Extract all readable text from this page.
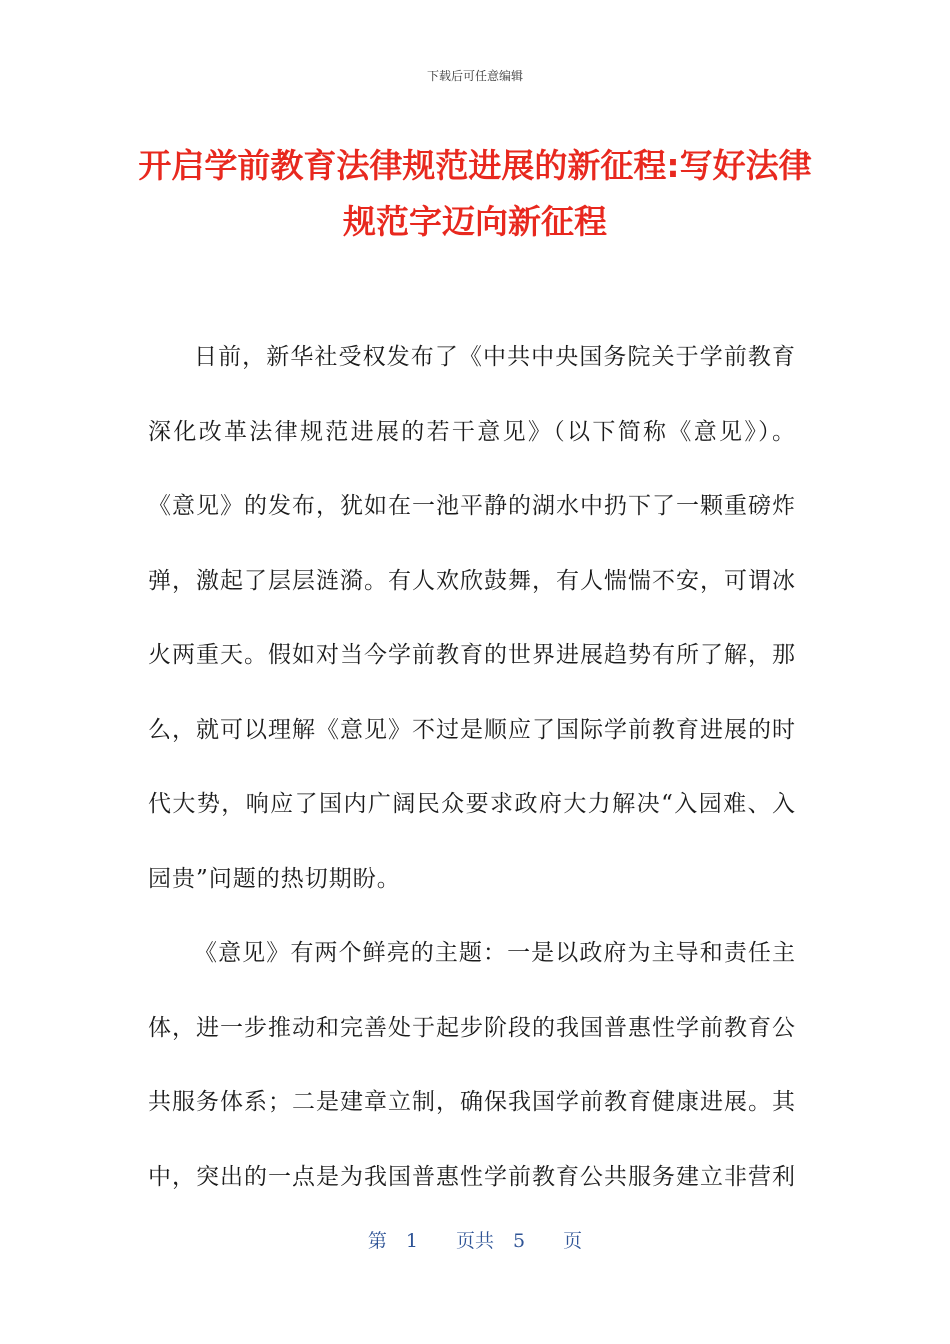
下载后可任意编辑
开启学前教育法律规范进展的新征程:写好法律规范字迈向新征程

日前，新华社受权发布了《中共中央国务院关于学前教育深化改革法律规范进展的若干意见》（以下简称《意见》）。《意见》的发布，犹如在一池平静的湖水中扔下了一颗重磅炸弹，激起了层层涟漪。有人欢欣鼓舞，有人惴惴不安，可谓冰火两重天。假如对当今学前教育的世界进展趋势有所了解，那么，就可以理解《意见》不过是顺应了国际学前教育进展的时代大势，响应了国内广阔民众要求政府大力解决“入园难、入园贵”问题的热切期盼。

《意见》有两个鲜亮的主题：一是以政府为主导和责任主体，进一步推动和完善处于起步阶段的我国普惠性学前教育公共服务体系；二是建章立制，确保我国学前教育健康进展。其中，突出的一点是为我国普惠性学前教育公共服务建立非营利

第　1　　页共　5　　页
